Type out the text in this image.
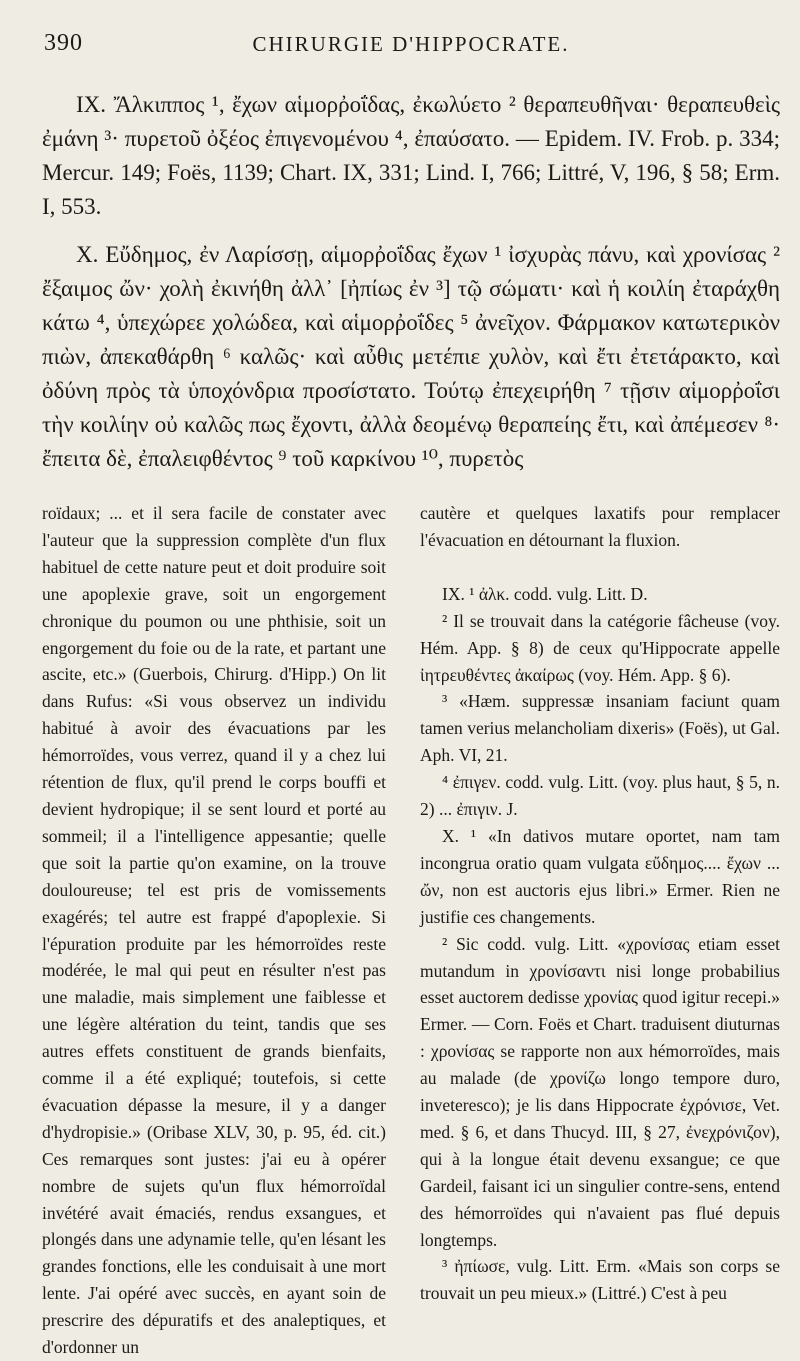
390	CHIRURGIE D'HIPPOCRATE.

IX. Ἄλκιππος ¹, ἔχων αἱμορῤοΐδας, ἐκωλύετο ² θεραπευθῆναι· θεραπευθεὶς ἐμάνη ³· πυρετοῦ ὀξέος ἐπιγενομένου ⁴, ἐπαύσατο. — Epidem. IV. Frob. p. 334; Mercur. 149; Foës, 1139; Chart. IX, 331; Lind. I, 766; Littré, V, 196, § 58; Erm. I, 553.

X. Εὔδημος, ἐν Λαρίσσῃ, αἱμορῤοΐδας ἔχων ¹ ἰσχυρὰς πάνυ, καὶ χρονίσας ² ἔξαιμος ὤν· χολὴ ἐκινήθη ἀλλ᾽ [ἠπίως ἐν ³] τῷ σώματι· καὶ ἡ κοιλίη ἐταράχθη κάτω ⁴, ὑπεχώρεε χολώδεα, καὶ αἱμορῤοΐδες ⁵ ἀνεῖχον. Φάρμακον κατωτερικὸν πιὼν, ἀπεκαθάρθη ⁶ καλῶς· καὶ αὖθις μετέπιε χυλὸν, καὶ ἔτι ἐτετάρακτο, καὶ ὀδύνη πρὸς τὰ ὑποχόνδρια προσίστατο. Τούτῳ ἐπεχειρήθη ⁷ τῇσιν αἱμορῤοΐσι τὴν κοιλίην οὐ καλῶς πως ἔχοντι, ἀλλὰ δεομένῳ θεραπείης ἔτι, καὶ ἀπέμεσεν ⁸· ἔπειτα δὲ, ἐπαλειφθέντος ⁹ τοῦ καρκίνου ¹⁰, πυρετὸς

roïdaux; ... et il sera facile de constater avec l'auteur que la suppression complète d'un flux habituel de cette nature peut et doit produire soit une apoplexie grave, soit un engorgement chronique du poumon ou une phthisie, soit un engorgement du foie ou de la rate, et partant une ascite, etc.» (Guerbois, Chirurg. d'Hipp.) On lit dans Rufus: «Si vous observez un individu habitué à avoir des évacuations par les hémorroïdes, vous verrez, quand il y a chez lui rétention de flux, qu'il prend le corps bouffi et devient hydropique; il se sent lourd et porté au sommeil; il a l'intelligence appesantie; quelle que soit la partie qu'on examine, on la trouve douloureuse; tel est pris de vomissements exagérés; tel autre est frappé d'apoplexie. Si l'épuration produite par les hémorroïdes reste modérée, le mal qui peut en résulter n'est pas une maladie, mais simplement une faiblesse et une légère altération du teint, tandis que ses autres effets constituent de grands bienfaits, comme il a été expliqué; toutefois, si cette évacuation dépasse la mesure, il y a danger d'hydropisie.» (Oribase XLV, 30, p. 95, éd. cit.) Ces remarques sont justes: j'ai eu à opérer nombre de sujets qu'un flux hémorroïdal invétéré avait émaciés, rendus exsangues, et plongés dans une adynamie telle, qu'en lésant les grandes fonctions, elle les conduisait à une mort lente. J'ai opéré avec succès, en ayant soin de prescrire des dépuratifs et des analeptiques, et d'ordonner un

cautère et quelques laxatifs pour remplacer l'évacuation en détournant la fluxion.

IX. ¹ ἀλκ. codd. vulg. Litt. D.

² Il se trouvait dans la catégorie fâcheuse (voy. Hém. App. § 8) de ceux qu'Hippocrate appelle ἰητρευθέντες ἀκαίρως (voy. Hém. App. § 6).

³ «Hæm. suppressæ insaniam faciunt quam tamen verius melancholiam dixeris» (Foës), ut Gal. Aph. VI, 21.

⁴ ἐπιγεν. codd. vulg. Litt. (voy. plus haut, § 5, n. 2) ... ἐπιγιν. J.

X. ¹ «In dativos mutare oportet, nam tam incongrua oratio quam vulgata εὔδημος.... ἔχων ... ὤν, non est auctoris ejus libri.» Ermer. Rien ne justifie ces changements.

² Sic codd. vulg. Litt. «χρονίσας etiam esset mutandum in χρονίσαντι nisi longe probabilius esset auctorem dedisse χρονίας quod igitur recepi.» Ermer. — Corn. Foës et Chart. traduisent diuturnas : χρονίσας se rapporte non aux hémorroïdes, mais au malade (de χρονίζω longo tempore duro, inveteresco); je lis dans Hippocrate ἐχρόνισε, Vet. med. § 6, et dans Thucyd. III, § 27, ἐνεχρόνιζον), qui à la longue était devenu exsangue; ce que Gardeil, faisant ici un singulier contre-sens, entend des hémorroïdes qui n'avaient pas flué depuis longtemps.

³ ἠπίωσε, vulg. Litt. Erm. «Mais son corps se trouvait un peu mieux.» (Littré.) C'est à peu
